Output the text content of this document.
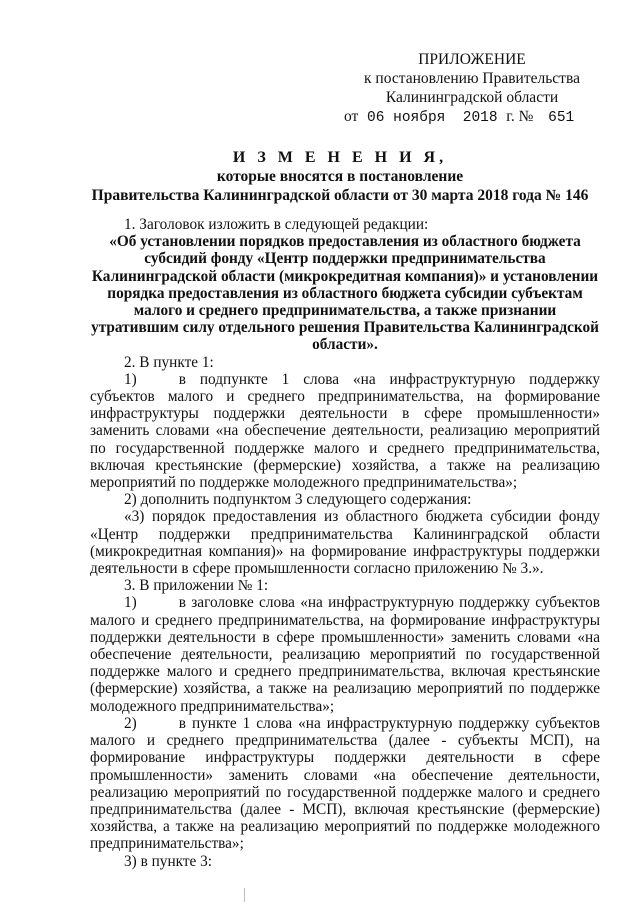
ПРИЛОЖЕНИЕ
к постановлению Правительства
Калининградской области
от 06 ноября  2018 г. № 651
И З М Е Н Е Н И Я,
которые вносятся в постановление
Правительства Калининградской области от 30 марта 2018 года № 146

1. Заголовок изложить в следующей редакции:

«Об установлении порядков предоставления из областного бюджета субсидий фонду «Центр поддержки предпринимательства Калининградской области (микрокредитная компания)» и установлении порядка предоставления из областного бюджета субсидии субъектам малого и среднего предпринимательства, а также признании утратившим силу отдельного решения Правительства Калининградской области».

2. В пункте 1:

1)	в подпункте 1 слова «на инфраструктурную поддержку субъектов малого и среднего предпринимательства, на формирование инфраструктуры поддержки деятельности в сфере промышленности» заменить словами «на обеспечение деятельности, реализацию мероприятий по государственной поддержке малого и среднего предпринимательства, включая крестьянские (фермерские) хозяйства, а также на реализацию мероприятий по поддержке молодежного предпринимательства»;

2) дополнить подпунктом 3 следующего содержания:

«3) порядок предоставления из областного бюджета субсидии фонду «Центр поддержки предпринимательства Калининградской области (микрокредитная компания)» на формирование инфраструктуры поддержки деятельности в сфере промышленности согласно приложению № 3.».

3. В приложении № 1:

1)	в заголовке слова «на инфраструктурную поддержку субъектов малого и среднего предпринимательства, на формирование инфраструктуры поддержки деятельности в сфере промышленности» заменить словами «на обеспечение деятельности, реализацию мероприятий по государственной поддержке малого и среднего предпринимательства, включая крестьянские (фермерские) хозяйства, а также на реализацию мероприятий по поддержке молодежного предпринимательства»;

2)	в пункте 1 слова «на инфраструктурную поддержку субъектов малого и среднего предпринимательства (далее - субъекты МСП), на формирование инфраструктуры поддержки деятельности в сфере промышленности» заменить словами «на обеспечение деятельности, реализацию мероприятий по государственной поддержке малого и среднего предпринимательства (далее - МСП), включая крестьянские (фермерские) хозяйства, а также на реализацию мероприятий по поддержке молодежного предпринимательства»;

3) в пункте 3:
